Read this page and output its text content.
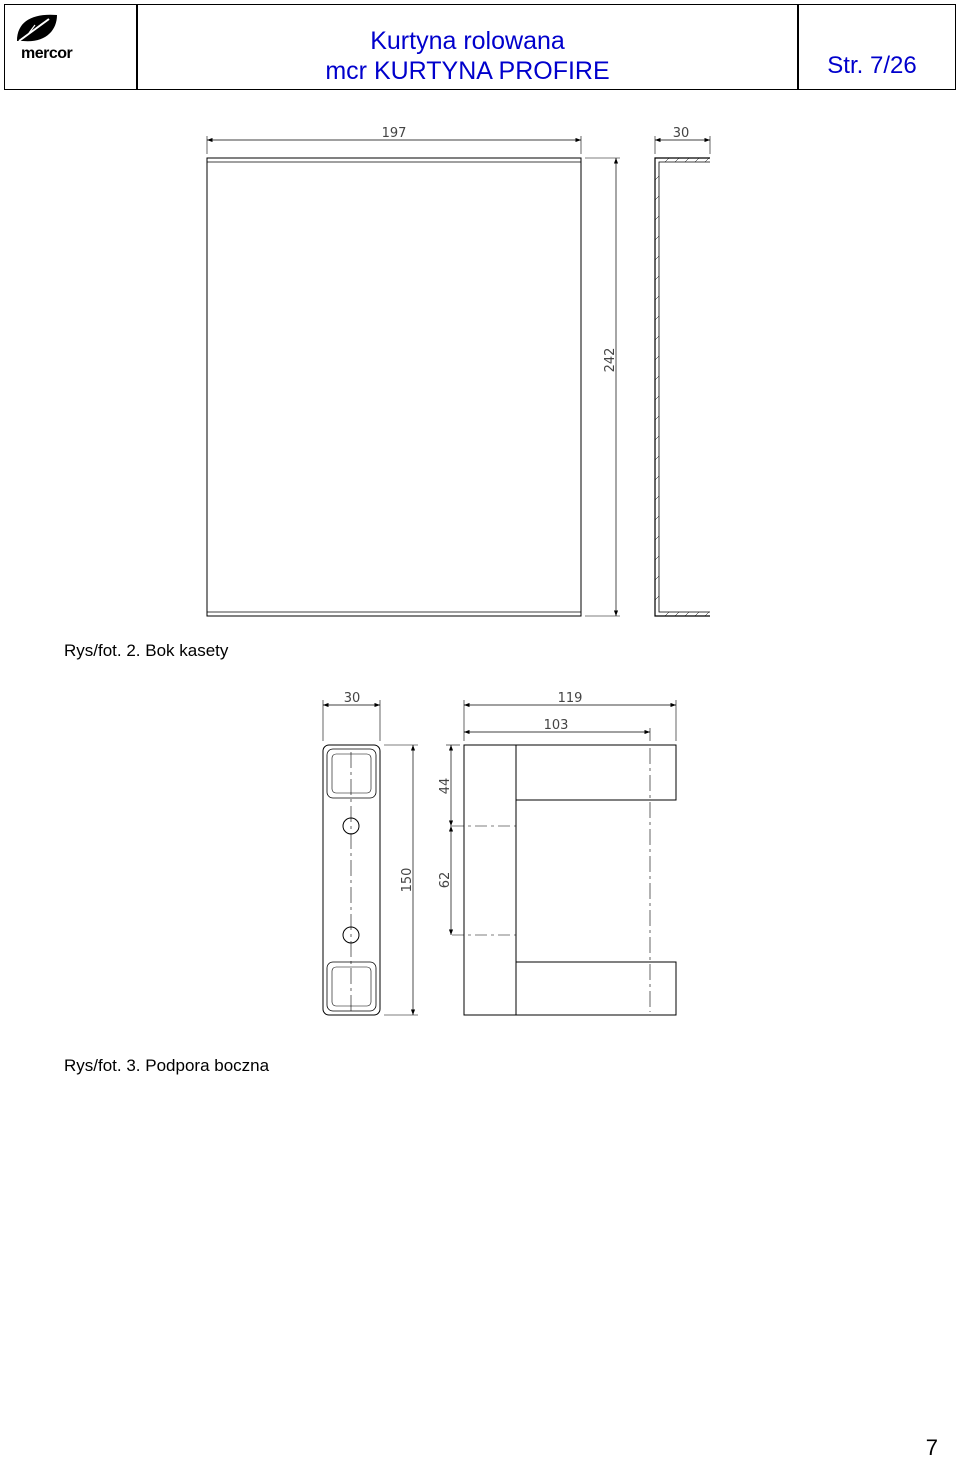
mercor	Kurtyna rolowana
mcr KURTYNA PROFIRE	Str. 7/26
197	30
242
30	119
103
150
44
62
Rys/fot. 2. Bok kasety
Rys/fot. 3. Podpora boczna
7
